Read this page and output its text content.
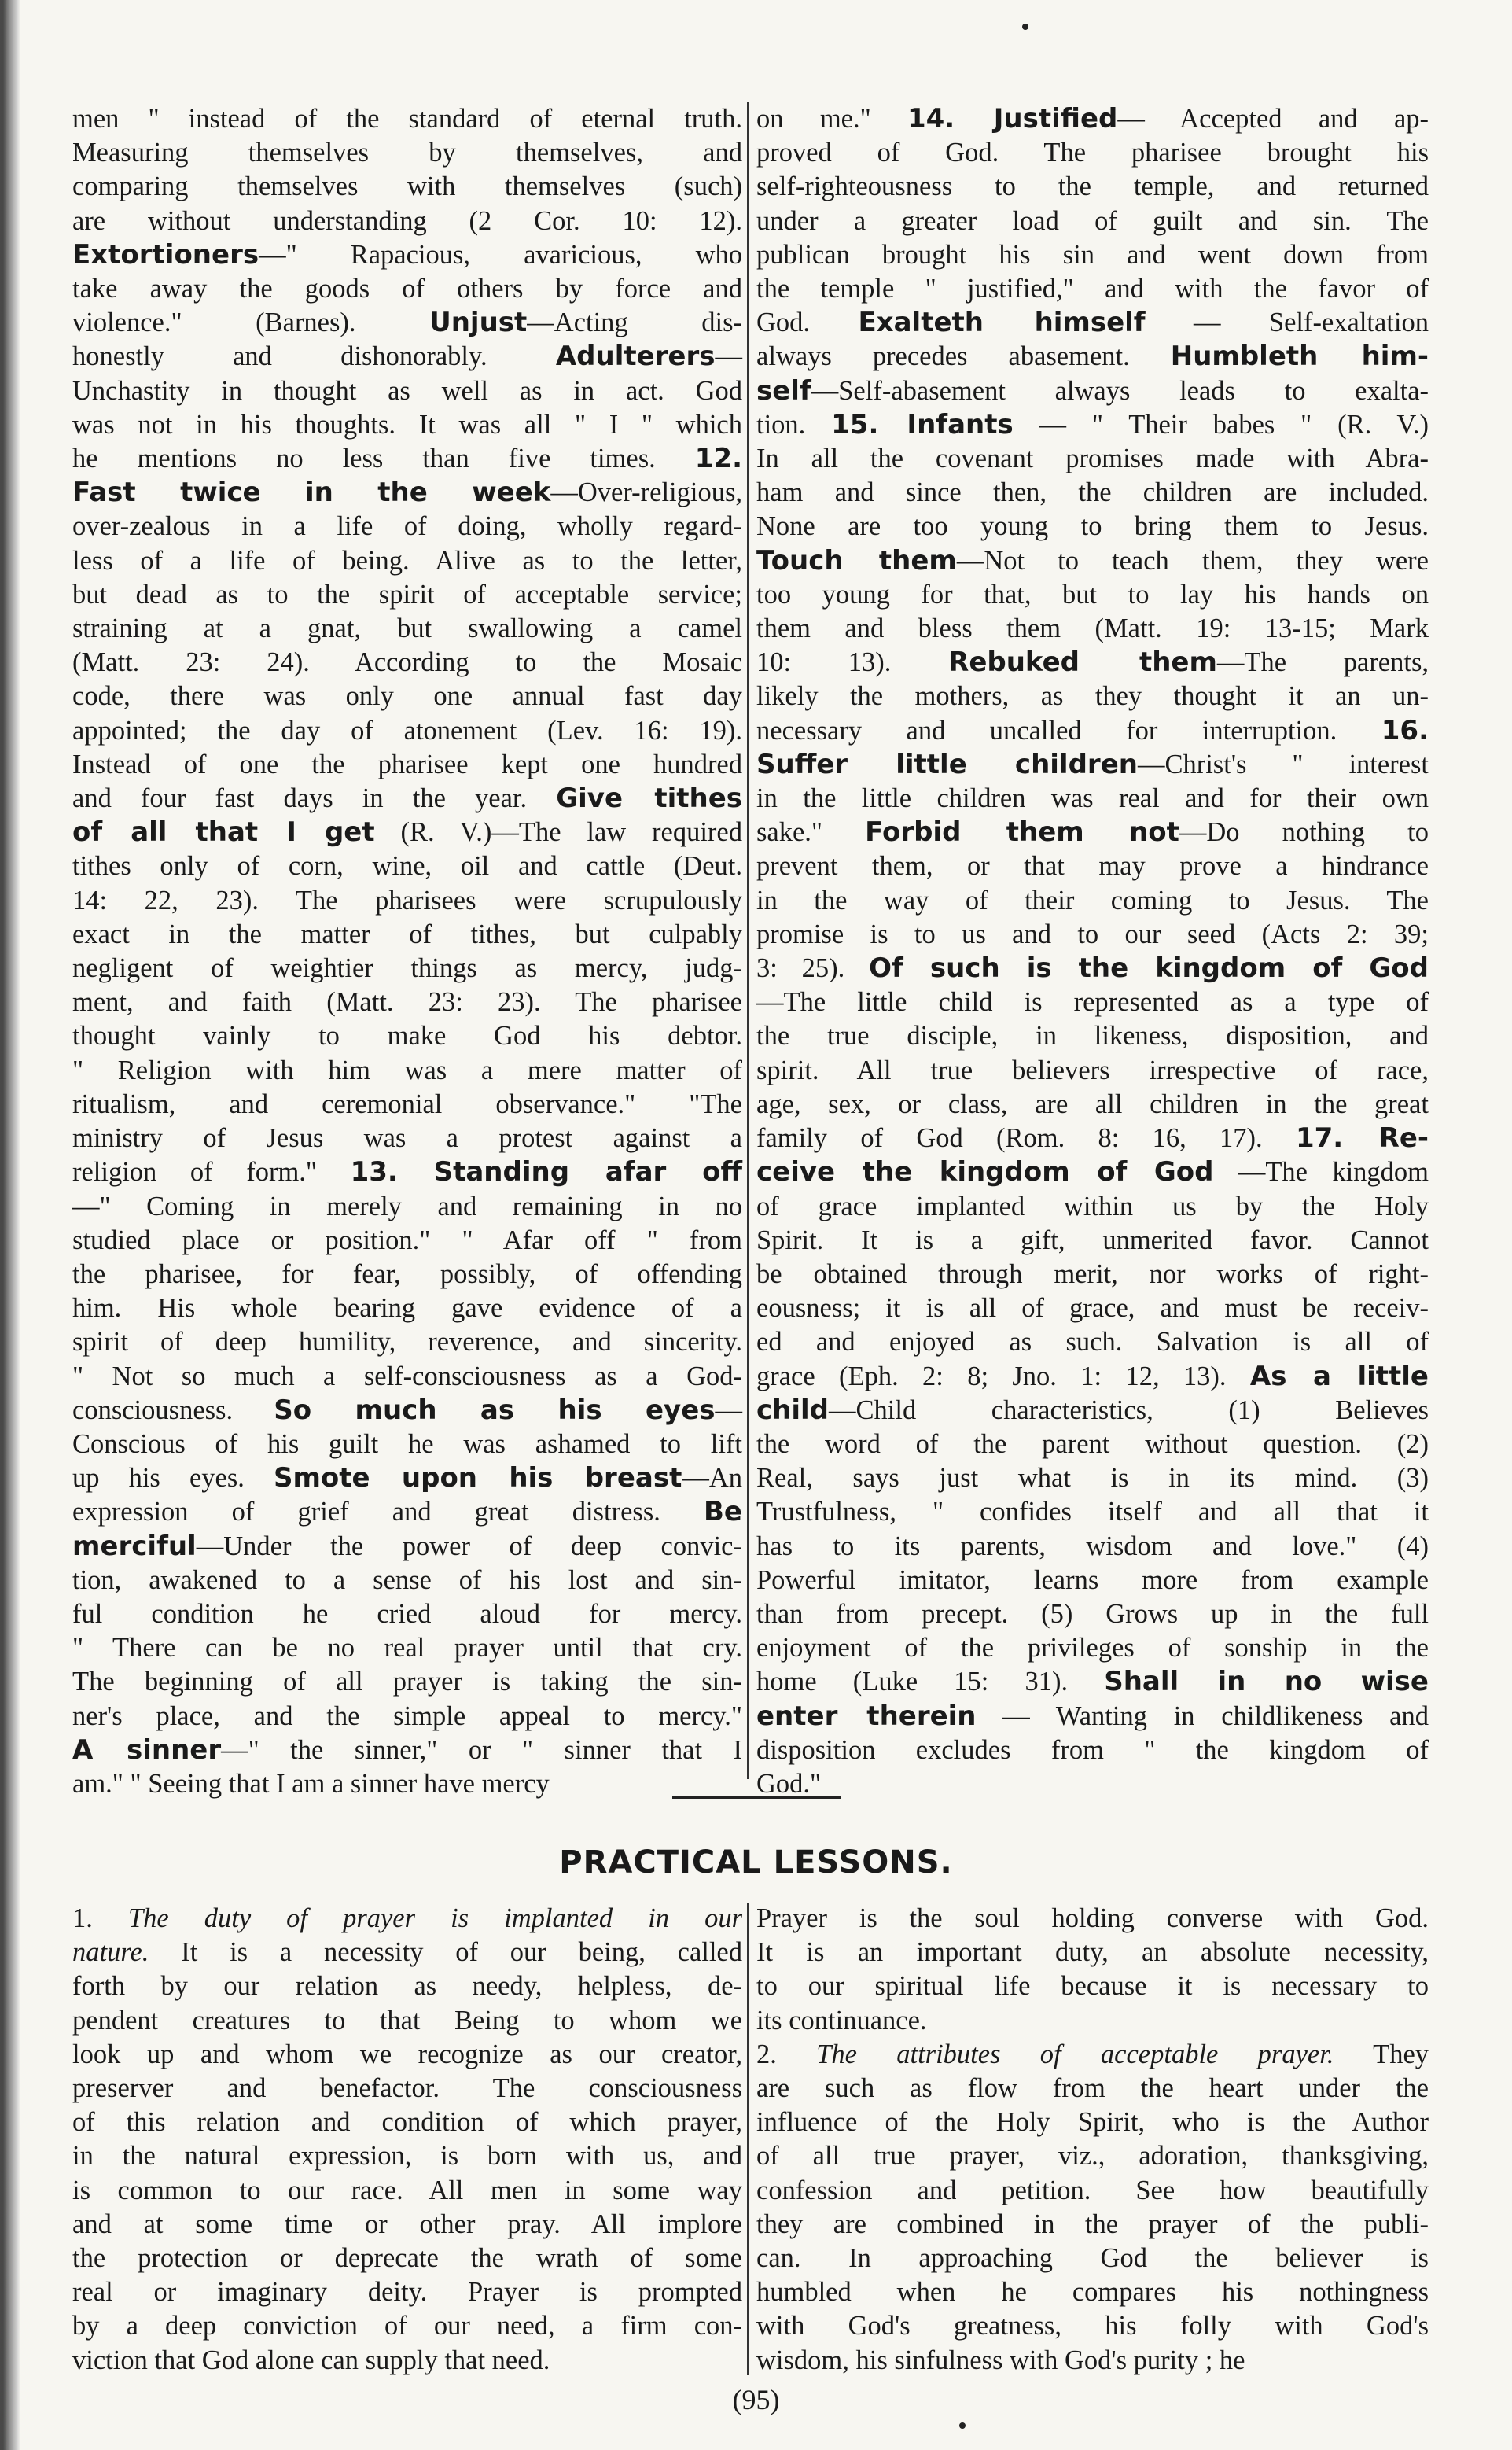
men " instead of the standard of eternal truth.

Measuring themselves by themselves, and

comparing themselves with themselves (such)

are without understanding (2 Cor. 10: 12).

Extortioners—" Rapacious, avaricious, who

take away the goods of others by force and

violence." (Barnes). Unjust—Acting dis-

honestly and dishonorably. Adulterers—

Unchastity in thought as well as in act. God

was not in his thoughts. It was all " I " which

he mentions no less than five times. 12.

Fast twice in the week—Over-religious,

over-zealous in a life of doing, wholly regard-

less of a life of being. Alive as to the letter,

but dead as to the spirit of acceptable service;

straining at a gnat, but swallowing a camel

(Matt. 23: 24). According to the Mosaic

code, there was only one annual fast day

appointed; the day of atonement (Lev. 16: 19).

Instead of one the pharisee kept one hundred

and four fast days in the year. Give tithes

of all that I get (R. V.)—The law required

tithes only of corn, wine, oil and cattle (Deut.

14: 22, 23). The pharisees were scrupulously

exact in the matter of tithes, but culpably

negligent of weightier things as mercy, judg-

ment, and faith (Matt. 23: 23). The pharisee

thought vainly to make God his debtor.

" Religion with him was a mere matter of

ritualism, and ceremonial observance." "The

ministry of Jesus was a protest against a

religion of form." 13. Standing afar off

—" Coming in merely and remaining in no

studied place or position." " Afar off " from

the pharisee, for fear, possibly, of offending

him. His whole bearing gave evidence of a

spirit of deep humility, reverence, and sincerity.

" Not so much a self-consciousness as a God-

consciousness. So much as his eyes—

Conscious of his guilt he was ashamed to lift

up his eyes. Smote upon his breast—An

expression of grief and great distress. Be

merciful—Under the power of deep convic-

tion, awakened to a sense of his lost and sin-

ful condition he cried aloud for mercy.

" There can be no real prayer until that cry.

The beginning of all prayer is taking the sin-

ner's place, and the simple appeal to mercy."

A sinner—" the sinner," or " sinner that I

am." " Seeing that I am a sinner have mercy

on me." 14. Justified— Accepted and ap-

proved of God. The pharisee brought his

self-righteousness to the temple, and returned

under a greater load of guilt and sin. The

publican brought his sin and went down from

the temple " justified," and with the favor of

God. Exalteth himself — Self-exaltation

always precedes abasement. Humbleth him-

self—Self-abasement always leads to exalta-

tion. 15. Infants — " Their babes " (R. V.)

In all the covenant promises made with Abra-

ham and since then, the children are included.

None are too young to bring them to Jesus.

Touch them—Not to teach them, they were

too young for that, but to lay his hands on

them and bless them (Matt. 19: 13-15; Mark

10: 13). Rebuked them—The parents,

likely the mothers, as they thought it an un-

necessary and uncalled for interruption. 16.

Suffer little children—Christ's " interest

in the little children was real and for their own

sake." Forbid them not—Do nothing to

prevent them, or that may prove a hindrance

in the way of their coming to Jesus. The

promise is to us and to our seed (Acts 2: 39;

3: 25). Of such is the kingdom of God

—The little child is represented as a type of

the true disciple, in likeness, disposition, and

spirit. All true believers irrespective of race,

age, sex, or class, are all children in the great

family of God (Rom. 8: 16, 17). 17. Re-

ceive the kingdom of God —The kingdom

of grace implanted within us by the Holy

Spirit. It is a gift, unmerited favor. Cannot

be obtained through merit, nor works of right-

eousness; it is all of grace, and must be receiv-

ed and enjoyed as such. Salvation is all of

grace (Eph. 2: 8; Jno. 1: 12, 13). As a little

child—Child characteristics, (1) Believes

the word of the parent without question. (2)

Real, says just what is in its mind. (3)

Trustfulness, " confides itself and all that it

has to its parents, wisdom and love." (4)

Powerful imitator, learns more from example

than from precept. (5) Grows up in the full

enjoyment of the privileges of sonship in the

home (Luke 15: 31). Shall in no wise

enter therein — Wanting in childlikeness and

disposition excludes from " the kingdom of

God."

PRACTICAL LESSONS.

1. The duty of prayer is implanted in our

nature. It is a necessity of our being, called

forth by our relation as needy, helpless, de-

pendent creatures to that Being to whom we

look up and whom we recognize as our creator,

preserver and benefactor. The consciousness

of this relation and condition of which prayer,

in the natural expression, is born with us, and

is common to our race. All men in some way

and at some time or other pray. All implore

the protection or deprecate the wrath of some

real or imaginary deity. Prayer is prompted

by a deep conviction of our need, a firm con-

viction that God alone can supply that need.

Prayer is the soul holding converse with God.

It is an important duty, an absolute necessity,

to our spiritual life because it is necessary to

its continuance.

2. The attributes of acceptable prayer. They

are such as flow from the heart under the

influence of the Holy Spirit, who is the Author

of all true prayer, viz., adoration, thanksgiving,

confession and petition. See how beautifully

they are combined in the prayer of the publi-

can. In approaching God the believer is

humbled when he compares his nothingness

with God's greatness, his folly with God's

wisdom, his sinfulness with God's purity ; he

(95)
